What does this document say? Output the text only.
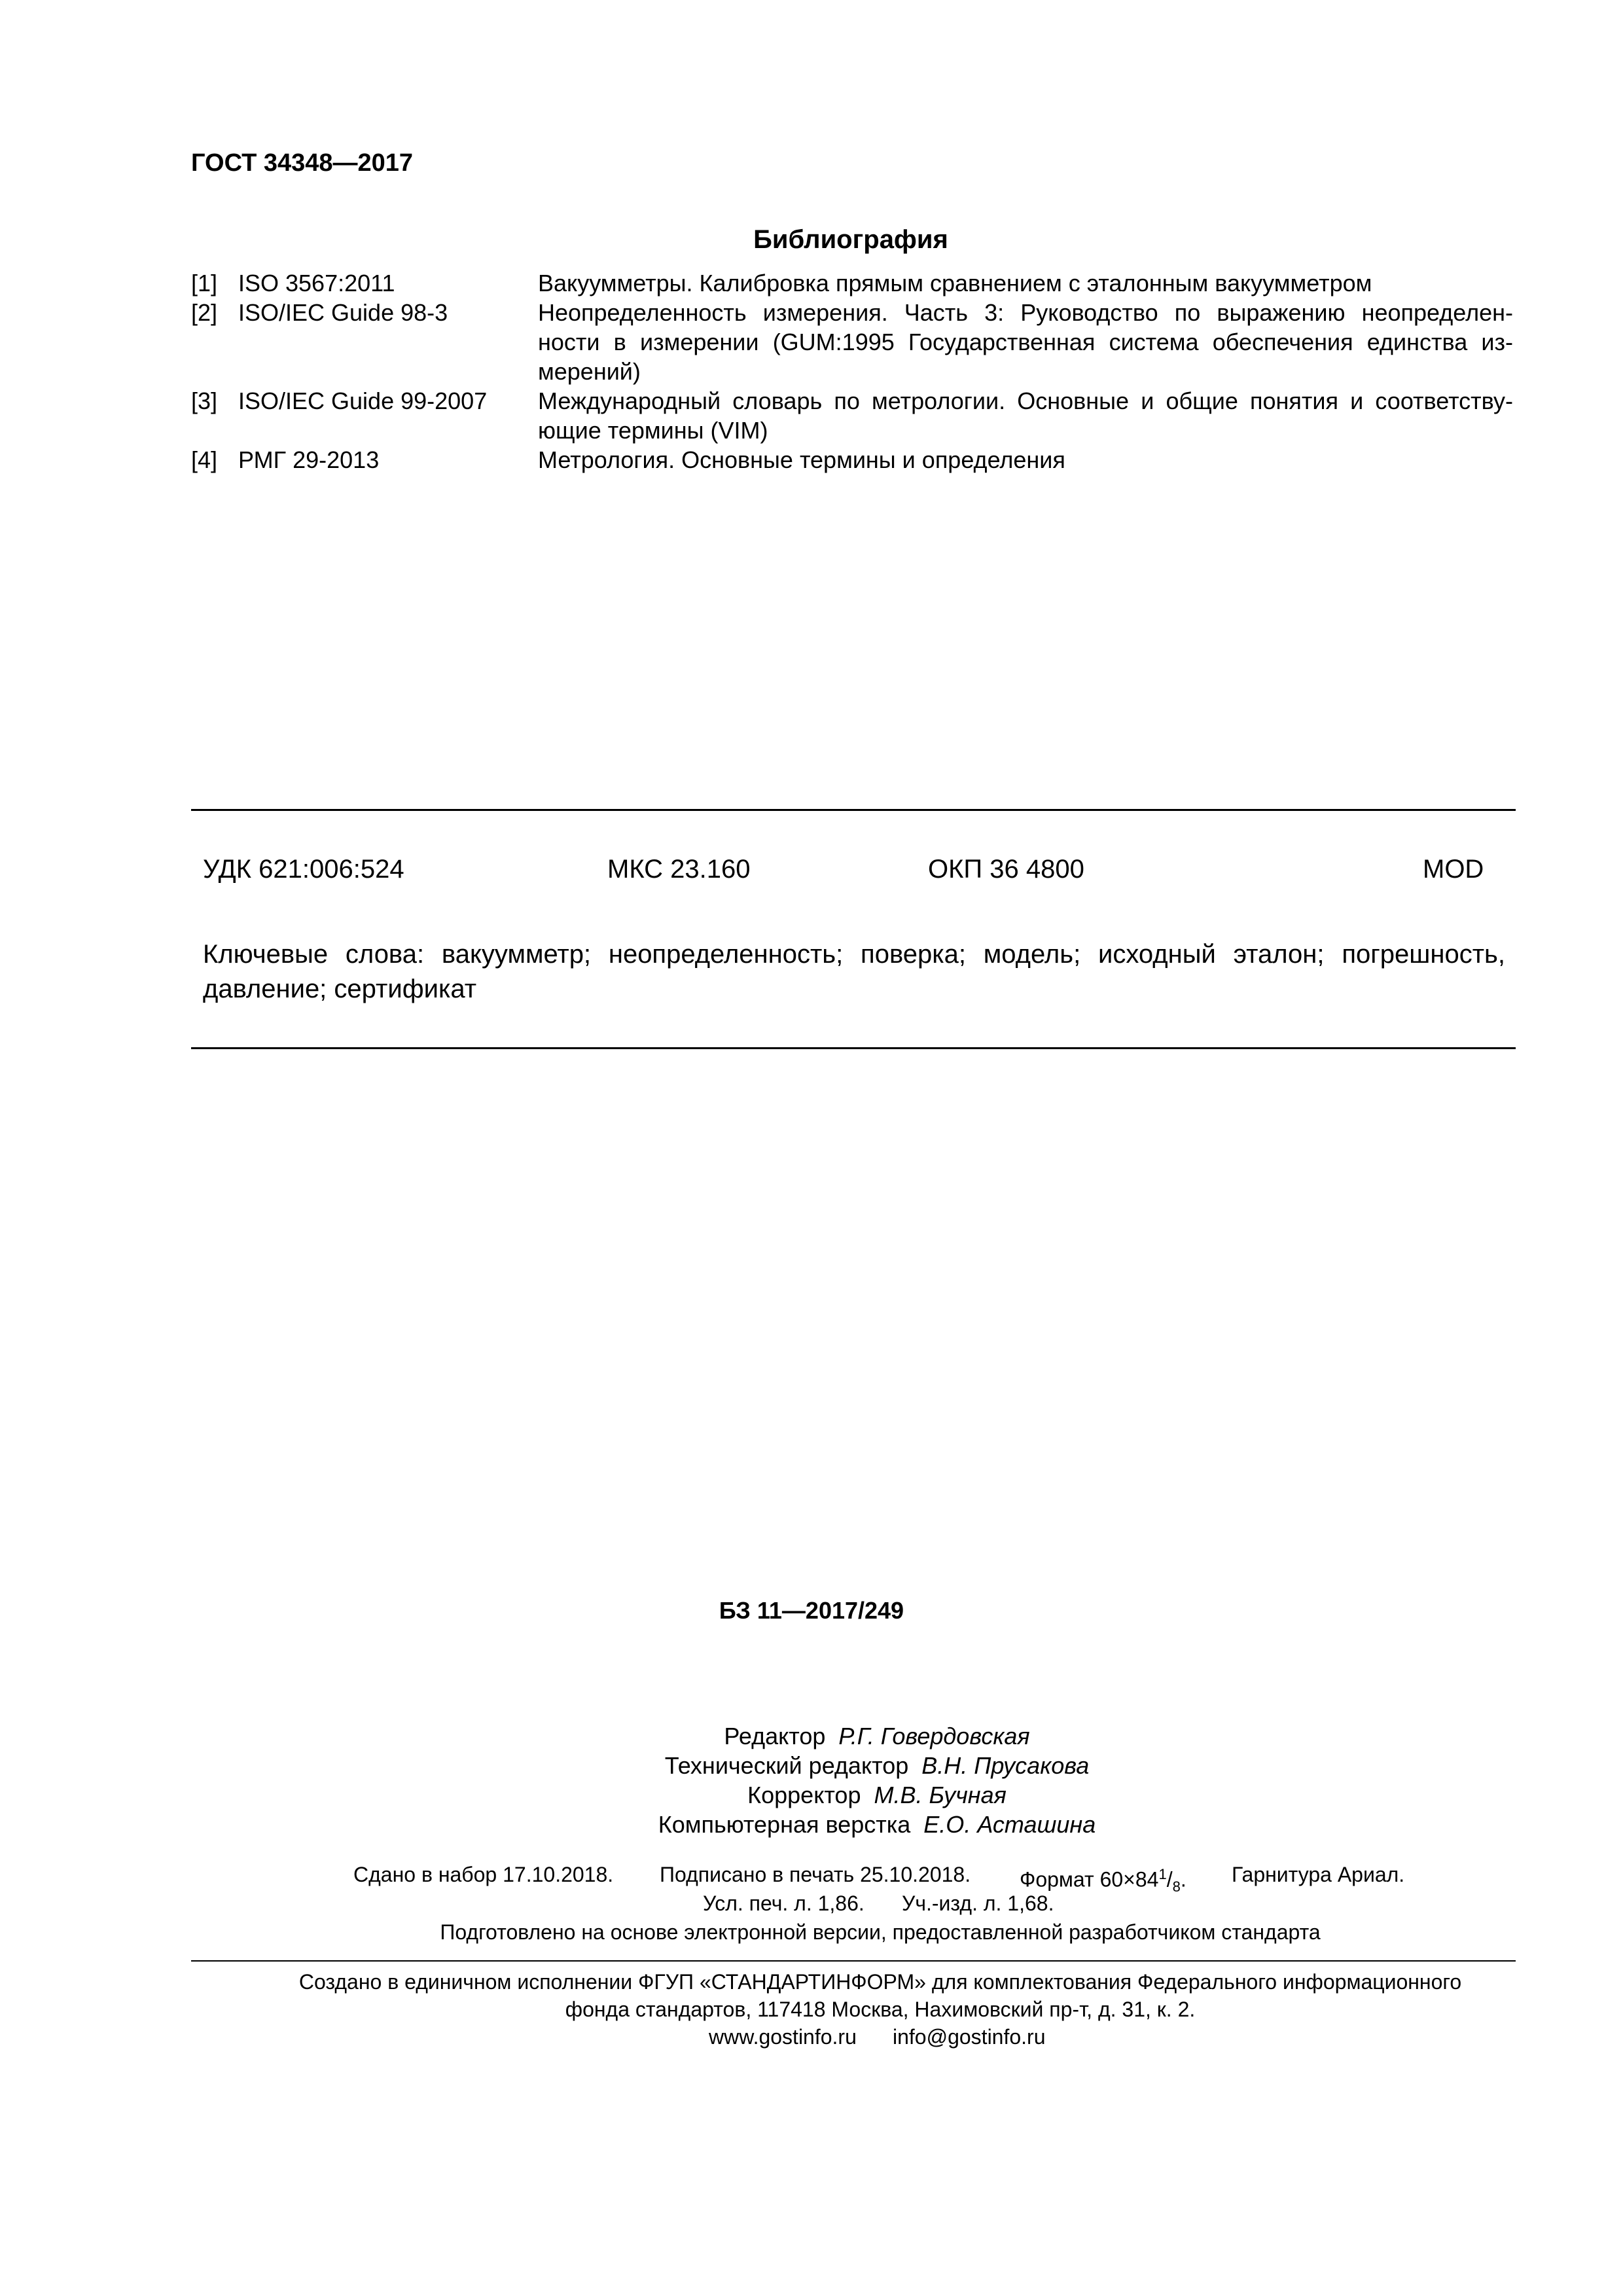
ГОСТ 34348—2017
Библиография
[1] ISO 3567:2011	Вакуумметры. Калибровка прямым сравнением с эталонным вакуумметром
[2] ISO/IEC Guide 98-3	Неопределенность измерения. Часть 3: Руководство по выражению неопределен-
ности в измерении (GUM:1995 Государственная система обеспечения единства из-
мерений)
[3] ISO/IEC Guide 99-2007 Международный словарь по метрологии. Основные и общие понятия и соответству-
ющие термины (VIM)
[4] РМГ 29-2013	Метрология. Основные термины и определения
УДК 621:006:524	МКС 23.160	ОКП 36 4800	MOD
Ключевые слова: вакуумметр; неопределенность; поверка; модель; исходный эталон; погрешность,
давление; сертификат
БЗ 11—2017/249
Редактор Р.Г. Говердовская
Технический редактор В.Н. Прусакова
Корректор М.В. Бучная
Компьютерная верстка Е.О. Асташина
Сдано в набор 17.10.2018. Подписано в печать 25.10.2018. Формат $60\times 84^1/_8$. Гарнитура Ариал.
Усл. печ. л. 1,86. Уч.-изд. л. 1,68.
Подготовлено на основе электронной версии, предоставленной разработчиком стандарта
Создано в единичном исполнении ФГУП «СТАНДАРТИНФОРМ» для комплектования Федерального информационного
фонда стандартов, 117418 Москва, Нахимовский пр-т, д. 31, к. 2.
www.gostinfo.ru info@gostinfo.ru
